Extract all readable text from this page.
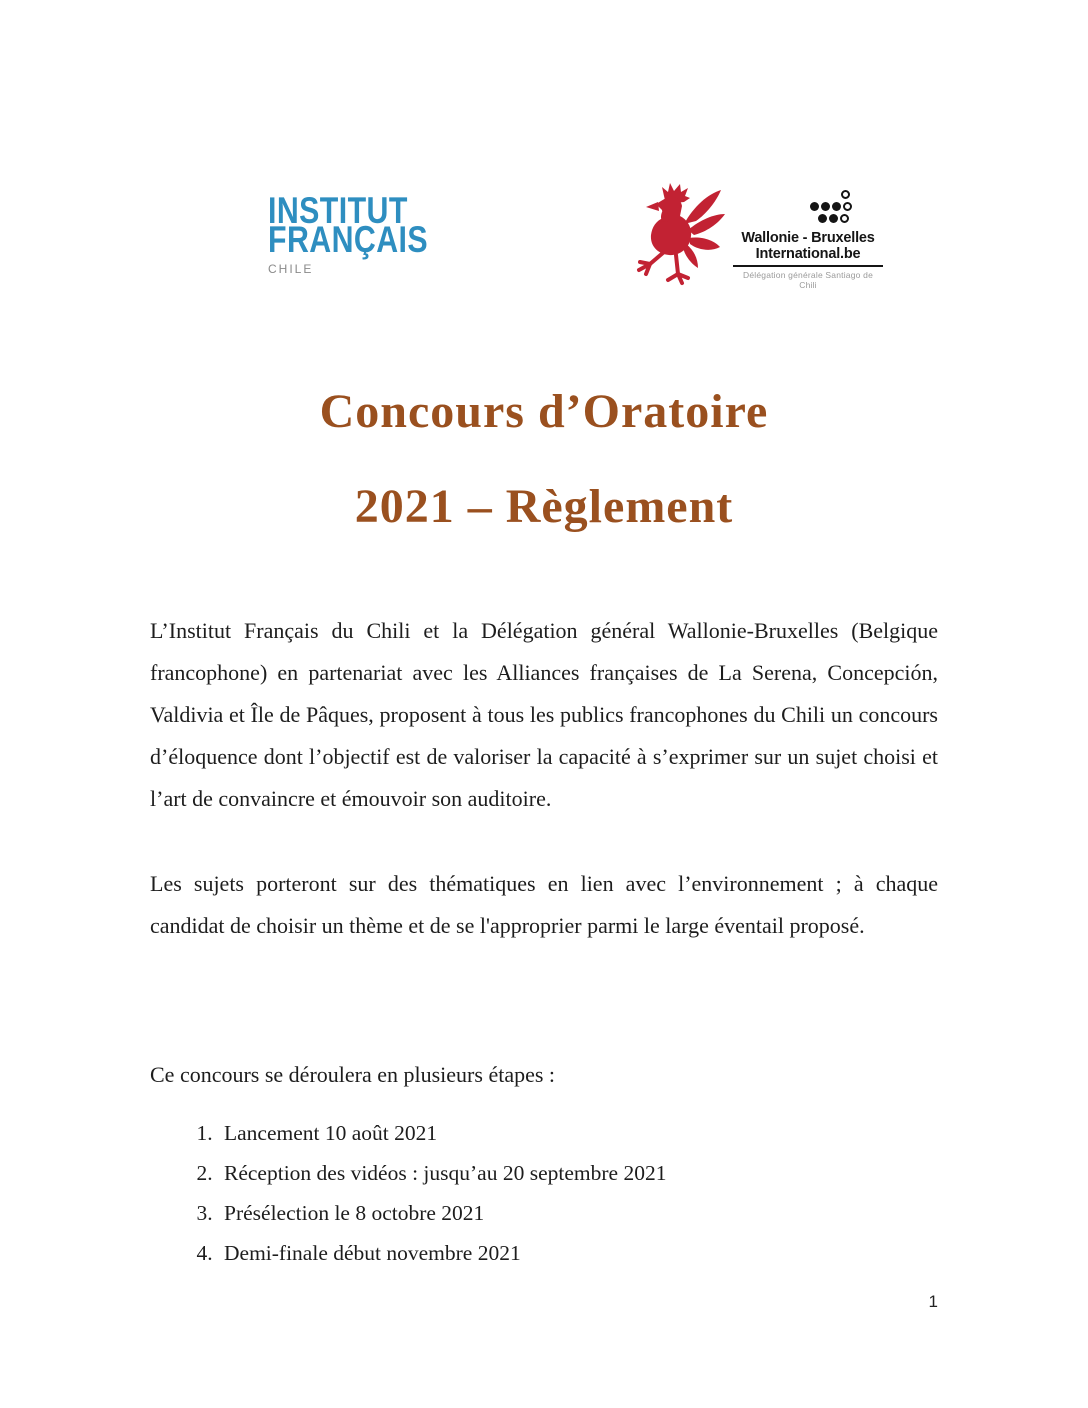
INSTITUT
FRANÇAIS
CHILE
Wallonie - Bruxelles
International.be
Délégation générale Santiago de Chili
Concours d’Oratoire
2021 – Règlement

L’Institut Français du Chili et la Délégation général Wallonie-Bruxelles (Belgique francophone) en partenariat avec les Alliances françaises de La Serena, Concepción, Valdivia et Île de Pâques, proposent à tous les publics francophones du Chili un concours d’éloquence dont l’objectif est de valoriser la capacité à s’exprimer sur un sujet choisi et l’art de convaincre et émouvoir son auditoire.

Les sujets porteront sur des thématiques en lien avec l’environnement ; à chaque candidat de choisir un thème et de se l'approprier parmi le large éventail proposé.

Ce concours se déroulera en plusieurs étapes :

1. Lancement 10 août 2021
2. Réception des vidéos : jusqu’au 20 septembre 2021
3. Présélection le 8 octobre 2021
4. Demi-finale début novembre 2021
1
